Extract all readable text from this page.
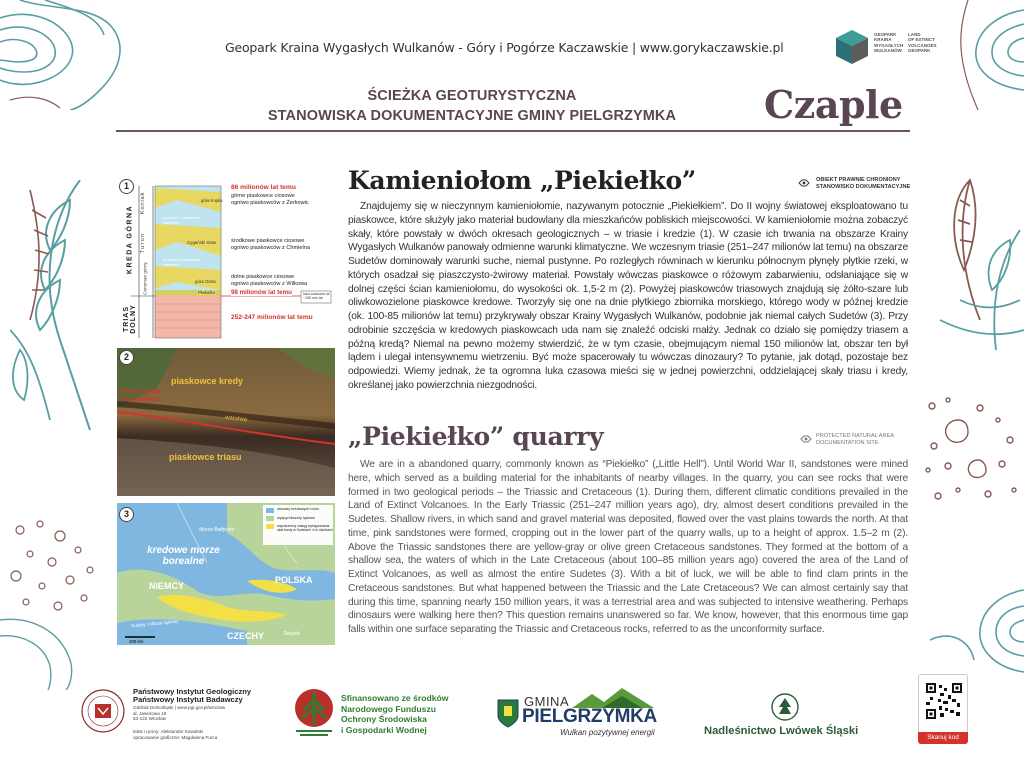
Geopark Kraina Wygasłych Wulkanów - Góry i Pogórze Kaczawskie | www.gorykaczawskie.pl
GEOPARK
KRAINA
WYGASŁYCH
WULKANÓW
LAND
OF EXTINCT
VOLCANOES
GEOPARK
ŚCIEŻKA GEOTURYSTYCZNA
STANOWISKA DOKUMENTACYJNE GMINY PIELGRZYMKA	Czaple
1
KREDA GÓRNA
TRIAS DOLNY
Koniak
Turon
Cenoman górny
góra Kopka
Cygański Staw
góra Ostra
Płakalko
mułowce z wkładami wapienia
mułowce z wkładami wapienia
86 milionów lat temu
górne piaskowce ciosowe
ogniwo piaskowców z Żerkowic
środkowe piaskowce ciosowe
ogniwo piaskowców z Chmielna
dolne piaskowce ciosowe
ogniwo piaskowców z Wilkowa
98 milionów lat temu	luka czasowa ok. ~150 mln lat
252-247 milionów lat temu
2
piaskowce kredy
powierzchnia
niezgodności
warstwa
piaskowce triasu
3	obszary kredowych mórz
wyspy/obszary lądowe
współczesny zasięg występowania skał kredy w Sudetach i ich okolicach
Morze Bałtyckie
kredowe morze
borealne
NIEMCY
POLSKA
Sudety / obszar lądowy
CZECHY	Tetyda
200 km
Kamieniołom „Piekiełko”	OBIEKT PRAWNIE CHRONIONY
STANOWISKO DOKUMENTACYJNE
Znajdujemy się w nieczynnym kamieniołomie, nazywanym potocznie „Piekiełkiem”. Do II wojny światowej eksploatowano tu piaskowce, które służyły jako materiał budowlany dla mieszkańców pobliskich miejscowości. W kamieniołomie można zobaczyć skały, które powstały w dwóch okresach geologicznych – w triasie i kredzie (1). W czasie ich trwania na obszarze Krainy Wygasłych Wulkanów panowały odmienne warunki klimatyczne. We wczesnym triasie (251–247 milionów lat temu) na obszarze Sudetów dominowały warunki suche, niemal pustynne. Po rozległych równinach w kierunku północnym płynęły płytkie rzeki, w których osadzał się piaszczysto-żwirowy materiał. Powstały wówczas piaskowce o różowym zabarwieniu, odsłaniające się w dolnej części ścian kamieniołomu, do wysokości ok. 1,5-2 m (2). Powyżej piaskowców triasowych znajdują się żółto-szare lub oliwkowozielone piaskowce kredowe. Tworzyły się one na dnie płytkiego zbiornika morskiego, którego wody w późnej kredzie (ok. 100-85 milionów lat temu) przykrywały obszar Krainy Wygasłych Wulkanów, podobnie jak niemal całych Sudetów (3). Przy odrobinie szczęścia w kredowych piaskowcach uda nam się znaleźć odciski małży. Jednak co działo się pomiędzy triasem a późną kredą? Niemal na pewno możemy stwierdzić, że w tym czasie, obejmującym niemal 150 milionów lat, obszar ten był lądem i ulegał intensywnemu wietrzeniu. Być może spacerowały tu wówczas dinozaury? To pytanie, jak dotąd, pozostaje bez odpowiedzi. Wiemy jednak, że ta ogromna luka czasowa mieści się w jednej powierzchni, oddzielającej skały triasu i kredy, określanej jako powierzchnia niezgodności.
„Piekiełko” quarry	PROTECTED NATURAL AREA
DOCUMENTATION SITE
We are in a abandoned quarry, commonly known as “Piekiełko” („Little Hell”). Until World War II, sandstones were mined here, which served as a building material for the inhabitants of nearby villages. In the quarry, you can see rocks that were formed in two geological periods – the Triassic and Cretaceous (1). During them, different climatic conditions prevailed in the Land of Extinct Volcanoes. In the Early Triassic (251–247 million years ago), dry, almost desert conditions prevailed in the Sudetes. Shallow rivers, in which sand and gravel material was deposited, flowed over the vast plains towards the north. At that time, pink sandstones were formed, cropping out in the lower part of the quarry walls, up to a height of approx. 1.5–2 m (2). Above the Triassic sandstones there are yellow-gray or olive green Cretaceous sandstones. They formed at the bottom of a shallow sea, the waters of which in the Late Cretaceous (about 100–85 million years ago) covered the area of the Land of Extinct Volcanoes, as well as almost the entire Sudetes (3). With a bit of luck, we will be able to find clam prints in the Cretaceous sandstones. But what happened between the Triassic and the Late Cretaceous? We can almost certainly say that during this time, spanning nearly 150 million years, it was a terrestrial area and was subjected to intensive weathering. Perhaps dinosaurs were walking here then? This question remains unanswered so far. We know, however, that this enormous time gap falls within one surface separating the Triassic and Cretaceous rocks, referred to as the unconformity surface.
Państwowy Instytut Geologiczny
Państwowy Instytut Badawczy
Oddział Dolnośląski | www.pgi.gov.pl/wroclaw
al. Jaworowa 19
53-122 Wrocław
tekst i ryciny: Aleksander Kowalski
opracowanie graficzne: Magdalena Furca
Sfinansowano ze środków
Narodowego Funduszu
Ochrony Środowiska
i Gospodarki Wodnej
GMINA
PIELGRZYMKA
Wulkan pozytywnej energii	Nadleśnictwo Lwówek Śląski
Skanuj kod
